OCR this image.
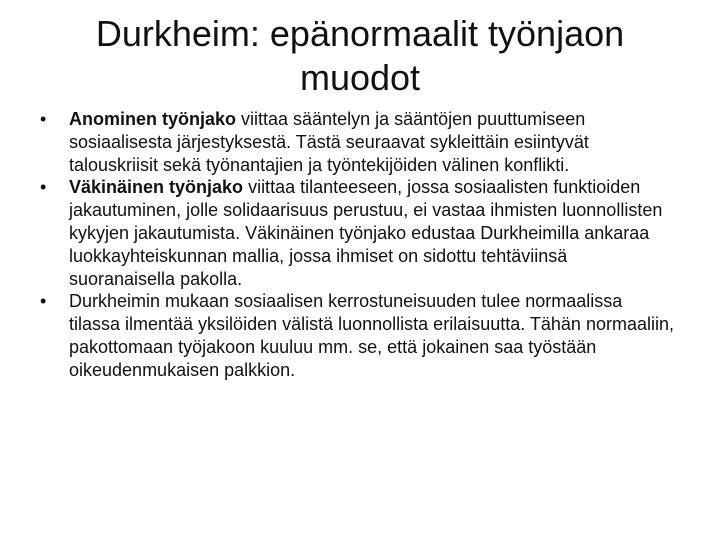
Durkheim: epänormaalit työnjaon muodot
• Anominen työnjako viittaa sääntelyn ja sääntöjen puuttumiseen sosiaalisesta järjestyksestä. Tästä seuraavat sykleittäin esiintyvät talouskriisit sekä työnantajien ja työntekijöiden välinen konflikti.
• Väkinäinen työnjako viittaa tilanteeseen, jossa sosiaalisten funktioiden jakautuminen, jolle solidaarisuus perustuu, ei vastaa ihmisten luonnollisten kykyjen jakautumista. Väkinäinen työnjako edustaa Durkheimilla ankaraa luokkayhteiskunnan mallia, jossa ihmiset on sidottu tehtäviinsä suoranaisella pakolla.
• Durkheimin mukaan sosiaalisen kerrostuneisuuden tulee normaalissa tilassa ilmentää yksilöiden välistä luonnollista erilaisuutta. Tähän normaaliin, pakottomaan työjakoon kuuluu mm. se, että jokainen saa työstään oikeudenmukaisen palkkion.
